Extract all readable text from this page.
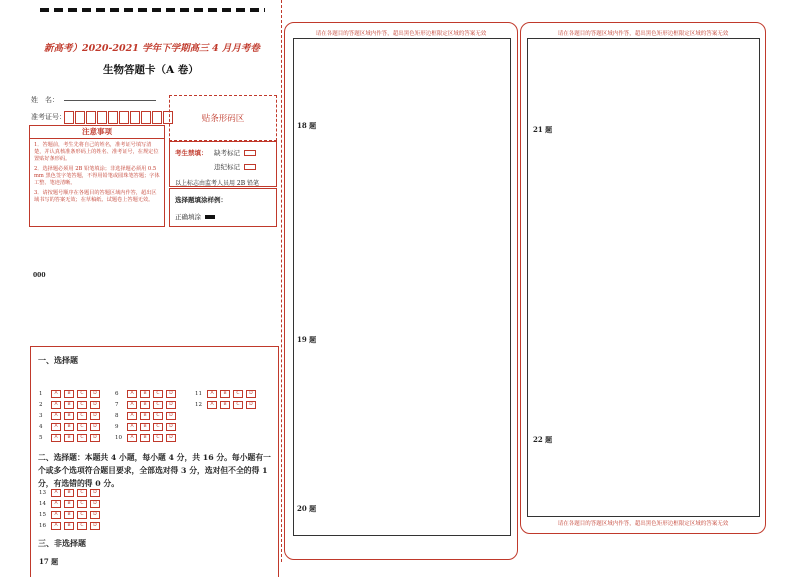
新高考）2020-2021 学年下学期高三 4 月月考卷
生物答题卡（A 卷）
姓　名：
准考证号：	贴条形码区
注意事项

1．答题前，考生先将自己的姓名，准考证号填写清楚，并认真核准条形码上的姓名、准考证号，在规定位置贴好条形码。

2．选择题必须用 2B 铅笔填涂；非选择题必须用 0.5 mm 黑色签字笔答题，不得用铅笔或圆珠笔答题；字体工整、笔迹清晰。

3．请按题号顺序在各题目的答题区域内作答，超出区域书写的答案无效；在草稿纸、试题卷上答题无效。

考生禁填： 缺考标记
违纪标记
以上标志由监考人员用 2B 铅笔
选择题填涂样例：
正确填涂
000
一、选择题
1	A	B	C	D
2	A	B	C	D
3	A	B	C	D
4	A	B	C	D
5	A	B	C	D
6	A	B	C	D
7	A	B	C	D
8	A	B	C	D
9	A	B	C	D
10	A	B	C	D
11	A	B	C	D
12	A	B	C	D
二、选择题：本题共 4 小题，每小题 4 分，共 16 分。每小题有一个或多个选项符合题目要求，全部选对得 3 分，选对但不全的得 1 分，有选错的得 0 分。
13	A	B	C	D
14	A	B	C	D
15	A	B	C	D
16	A	B	C	D
三、非选择题
17 题
请在各题目的答题区域内作答，超出黑色矩形边框限定区域的答案无效
18 题
19 题
20 题
请在各题目的答题区域内作答，超出黑色矩形边框限定区域的答案无效
21 题
22 题
请在各题目的答题区域内作答，超出黑色矩形边框限定区域的答案无效
